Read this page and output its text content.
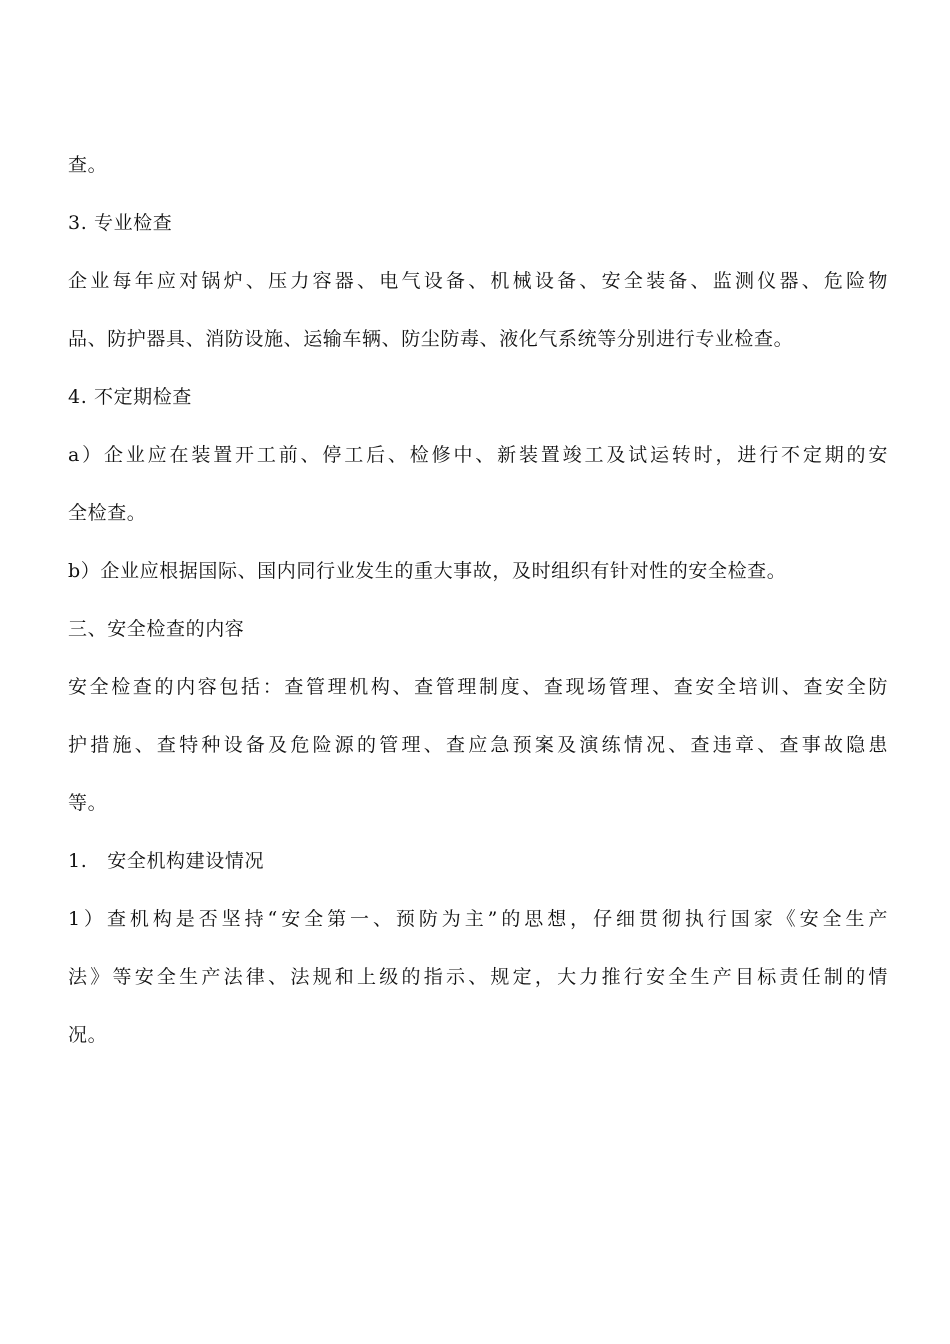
查。

3. 专业检查

企业每年应对锅炉、压力容器、电气设备、机械设备、安全装备、监测仪器、危险物
品、防护器具、消防设施、运输车辆、防尘防毒、液化气系统等分别进行专业检查。

4. 不定期检查

a）企业应在装置开工前、停工后、检修中、新装置竣工及试运转时，进行不定期的安
全检查。

b）企业应根据国际、国内同行业发生的重大事故，及时组织有针对性的安全检查。

三、安全检查的内容

安全检查的内容包括：查管理机构、查管理制度、查现场管理、查安全培训、查安全防
护措施、查特种设备及危险源的管理、查应急预案及演练情况、查违章、查事故隐患
等。

1.   安全机构建设情况

1）查机构是否坚持“安全第一、预防为主”的思想，仔细贯彻执行国家《安全生产
法》等安全生产法律、法规和上级的指示、规定，大力推行安全生产目标责任制的情
况。
